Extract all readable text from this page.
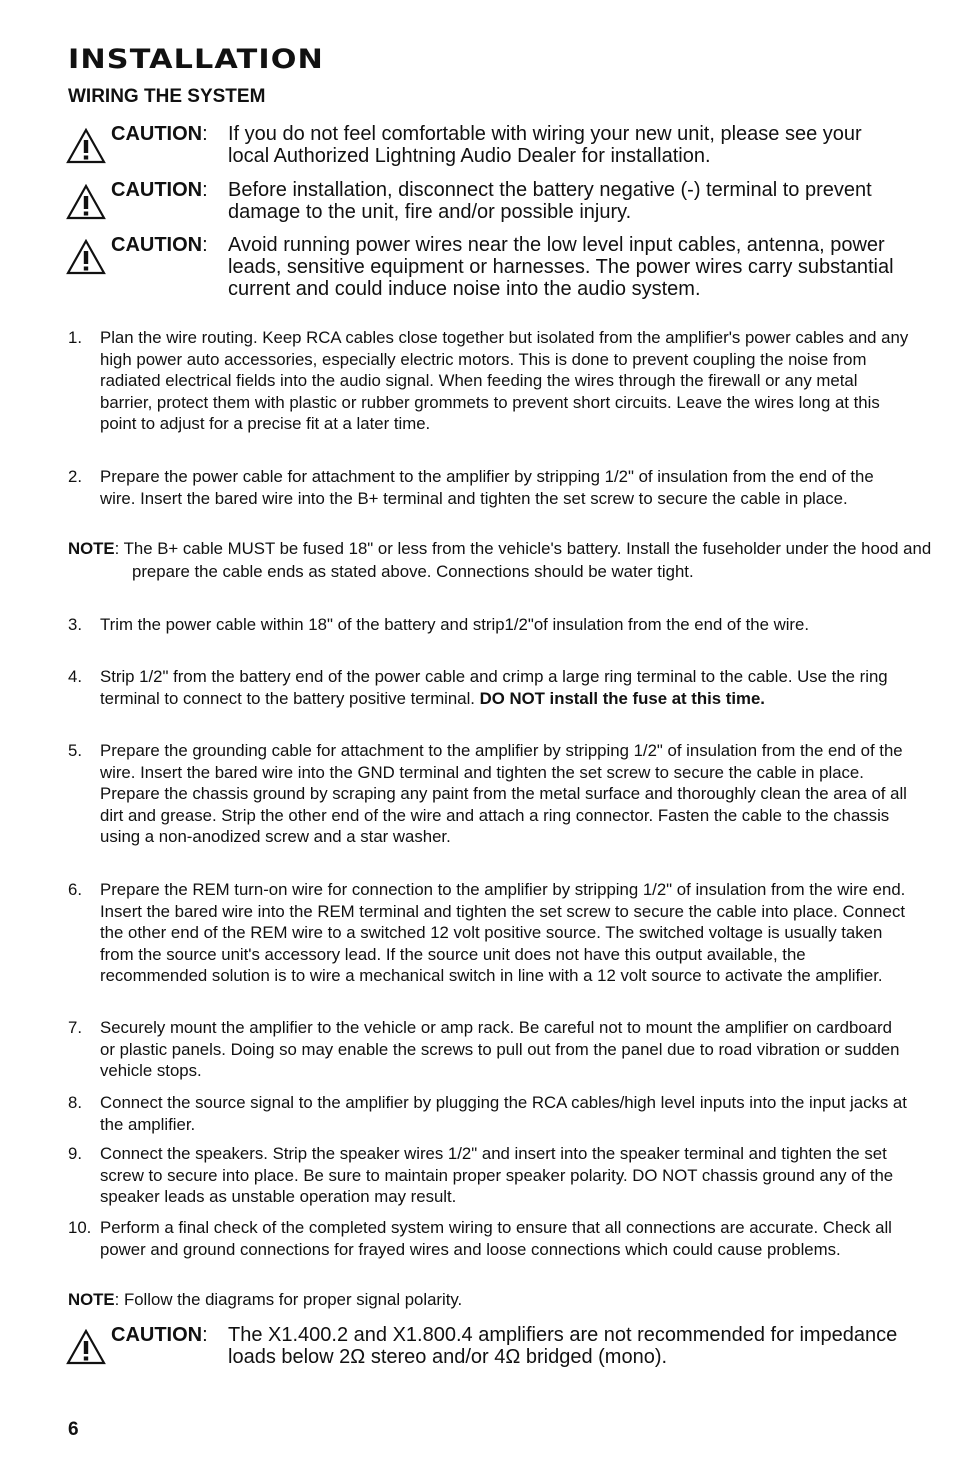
INSTALLATION
WIRING THE SYSTEM
CAUTION: If you do not feel comfortable with wiring your new unit, please see your local Authorized Lightning Audio Dealer for installation.
CAUTION: Before installation, disconnect the battery negative (-) terminal to prevent damage to the unit, fire and/or possible injury.
CAUTION: Avoid running power wires near the low level input cables, antenna, power leads, sensitive equipment or harnesses. The power wires carry substantial current and could induce noise into the audio system.
1. Plan the wire routing. Keep RCA cables close together but isolated from the amplifier's power cables and any high power auto accessories, especially electric motors. This is done to prevent coupling the noise from radiated electrical fields into the audio signal. When feeding the wires through the firewall or any metal barrier, protect them with plastic or rubber grommets to prevent short circuits. Leave the wires long at this point to adjust for a precise fit at a later time.
2. Prepare the power cable for attachment to the amplifier by stripping 1/2" of insulation from the end of the wire. Insert the bared wire into the B+ terminal and tighten the set screw to secure the cable in place.
3. Trim the power cable within 18" of the battery and strip1/2"of insulation from the end of the wire.
4. Strip 1/2" from the battery end of the power cable and crimp a large ring terminal to the cable. Use the ring terminal to connect to the battery positive terminal. DO NOT install the fuse at this time.
5. Prepare the grounding cable for attachment to the amplifier by stripping 1/2" of insulation from the end of the wire. Insert the bared wire into the GND terminal and tighten the set screw to secure the cable in place. Prepare the chassis ground by scraping any paint from the metal surface and thoroughly clean the area of all dirt and grease. Strip the other end of the wire and attach a ring connector. Fasten the cable to the chassis using a non-anodized screw and a star washer.
6. Prepare the REM turn-on wire for connection to the amplifier by stripping 1/2" of insulation from the wire end. Insert the bared wire into the REM terminal and tighten the set screw to secure the cable into place. Connect the other end of the REM wire to a switched 12 volt positive source. The switched voltage is usually taken from the source unit's accessory lead. If the source unit does not have this output available, the recommended solution is to wire a mechanical switch in line with a 12 volt source to activate the amplifier.
7. Securely mount the amplifier to the vehicle or amp rack. Be careful not to mount the amplifier on cardboard or plastic panels. Doing so may enable the screws to pull out from the panel due to road vibration or sudden vehicle stops.
8. Connect the source signal to the amplifier by plugging the RCA cables/high level inputs into the input jacks at the amplifier.
9. Connect the speakers. Strip the speaker wires 1/2" and insert into the speaker terminal and tighten the set screw to secure into place. Be sure to maintain proper speaker polarity. DO NOT chassis ground any of the speaker leads as unstable operation may result.
10. Perform a final check of the completed system wiring to ensure that all connections are accurate. Check all power and ground connections for frayed wires and loose connections which could cause problems.
NOTE: The B+ cable MUST be fused 18" or less from the vehicle's battery. Install the fuseholder under the hood and prepare the cable ends as stated above. Connections should be water tight.
NOTE: Follow the diagrams for proper signal polarity.
CAUTION: The X1.400.2 and X1.800.4 amplifiers are not recommended for impedance loads below 2Ω stereo and/or 4Ω bridged (mono).
6
